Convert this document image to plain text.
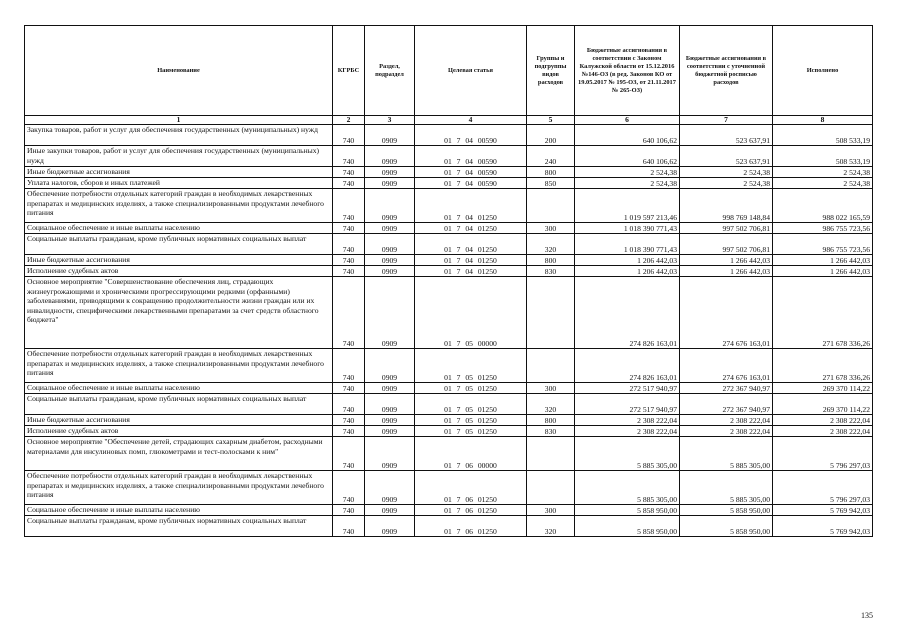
Наименование	КГРБС	Раздел, подраздел	Целевая статья	Группы и подгруппы видов расходов	Бюджетные ассигнования в соответствии с Законом Калужской области от 15.12.2016 №146-ОЗ (в ред. Законов КО от 19.05.2017 № 195-ОЗ, от 21.11.2017 № 265-ОЗ)	Бюджетные ассигнования в соответствии с уточненной бюджетной росписью расходов	Исполнено
1	2	3	4	5	6	7	8
Закупка товаров, работ и услуг для обеспечения государственных (муниципальных) нужд	740	0909	01 7 04 00590	200	640 106,62	523 637,91	508 533,19
Иные закупки товаров, работ и услуг для обеспечения государственных (муниципальных) нужд	740	0909	01 7 04 00590	240	640 106,62	523 637,91	508 533,19
Иные бюджетные ассигнования	740	0909	01 7 04 00590	800	2 524,38	2 524,38	2 524,38
Уплата налогов, сборов и иных платежей	740	0909	01 7 04 00590	850	2 524,38	2 524,38	2 524,38
Обеспечение потребности отдельных категорий граждан в необходимых лекарственных препаратах и медицинских изделиях, а также специализированными продуктами лечебного питания	740	0909	01 7 04 01250		1 019 597 213,46	998 769 148,84	988 022 165,59
Социальное обеспечение и иные выплаты населению	740	0909	01 7 04 01250	300	1 018 390 771,43	997 502 706,81	986 755 723,56
Социальные выплаты гражданам, кроме публичных нормативных социальных выплат	740	0909	01 7 04 01250	320	1 018 390 771,43	997 502 706,81	986 755 723,56
Иные бюджетные ассигнования	740	0909	01 7 04 01250	800	1 206 442,03	1 266 442,03	1 266 442,03
Исполнение судебных актов	740	0909	01 7 04 01250	830	1 206 442,03	1 266 442,03	1 266 442,03
Основное мероприятие "Совершенствование обеспечения лиц, страдающих жизнеугрожающими и хроническими прогрессирующими редкими (орфанными) заболеваниями, приводящими к сокращению продолжительности жизни граждан или их инвалидности, специфическими лекарственными препаратами за счет средств областного бюджета"	740	0909	01 7 05 00000		274 826 163,01	274 676 163,01	271 678 336,26
Обеспечение потребности отдельных категорий граждан в необходимых лекарственных препаратах и медицинских изделиях, а также специализированными продуктами лечебного питания	740	0909	01 7 05 01250		274 826 163,01	274 676 163,01	271 678 336,26
Социальное обеспечение и иные выплаты населению	740	0909	01 7 05 01250	300	272 517 940,97	272 367 940,97	269 370 114,22
Социальные выплаты гражданам, кроме публичных нормативных социальных выплат	740	0909	01 7 05 01250	320	272 517 940,97	272 367 940,97	269 370 114,22
Иные бюджетные ассигнования	740	0909	01 7 05 01250	800	2 308 222,04	2 308 222,04	2 308 222,04
Исполнение судебных актов	740	0909	01 7 05 01250	830	2 308 222,04	2 308 222,04	2 308 222,04
Основное мероприятие "Обеспечение детей, страдающих сахарным диабетом, расходными материалами для инсулиновых помп, глюкометрами и тест-полосками к ним"	740	0909	01 7 06 00000		5 885 305,00	5 885 305,00	5 796 297,03
Обеспечение потребности отдельных категорий граждан в необходимых лекарственных препаратах и медицинских изделиях, а также специализированными продуктами лечебного питания	740	0909	01 7 06 01250		5 885 305,00	5 885 305,00	5 796 297,03
Социальное обеспечение и иные выплаты населению	740	0909	01 7 06 01250	300	5 858 950,00	5 858 950,00	5 769 942,03
Социальные выплаты гражданам, кроме публичных нормативных социальных выплат	740	0909	01 7 06 01250	320	5 858 950,00	5 858 950,00	5 769 942,03
135
